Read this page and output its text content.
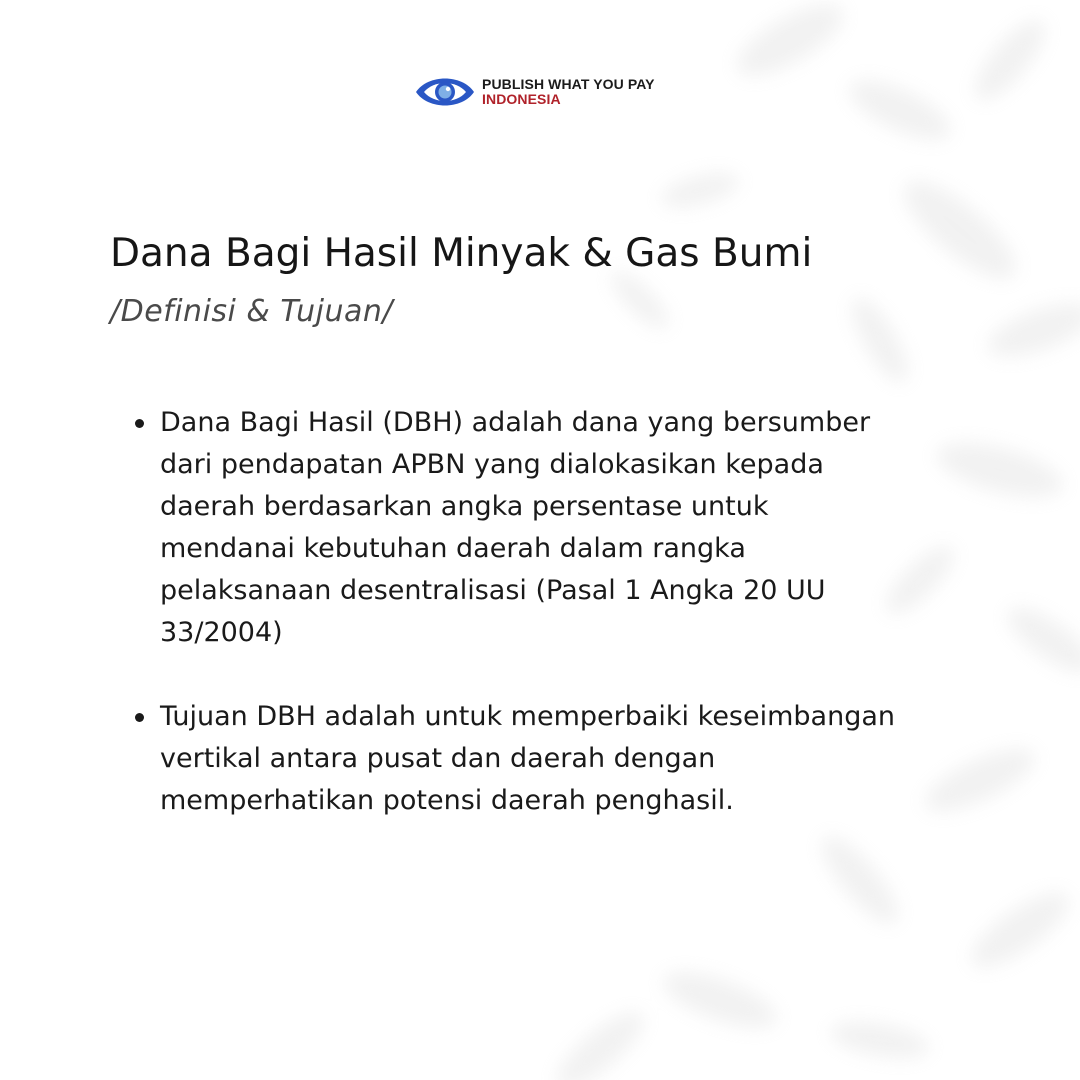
PUBLISH WHAT YOU PAY
INDONESIA
Dana Bagi Hasil Minyak & Gas Bumi
/Definisi & Tujuan/
Dana Bagi Hasil (DBH) adalah dana yang bersumber
dari pendapatan APBN yang dialokasikan kepada
daerah berdasarkan angka persentase untuk
mendanai kebutuhan daerah dalam rangka
pelaksanaan desentralisasi (Pasal 1 Angka 20 UU
33/2004)
Tujuan DBH adalah untuk memperbaiki keseimbangan
vertikal antara pusat dan daerah dengan
memperhatikan potensi daerah penghasil.
